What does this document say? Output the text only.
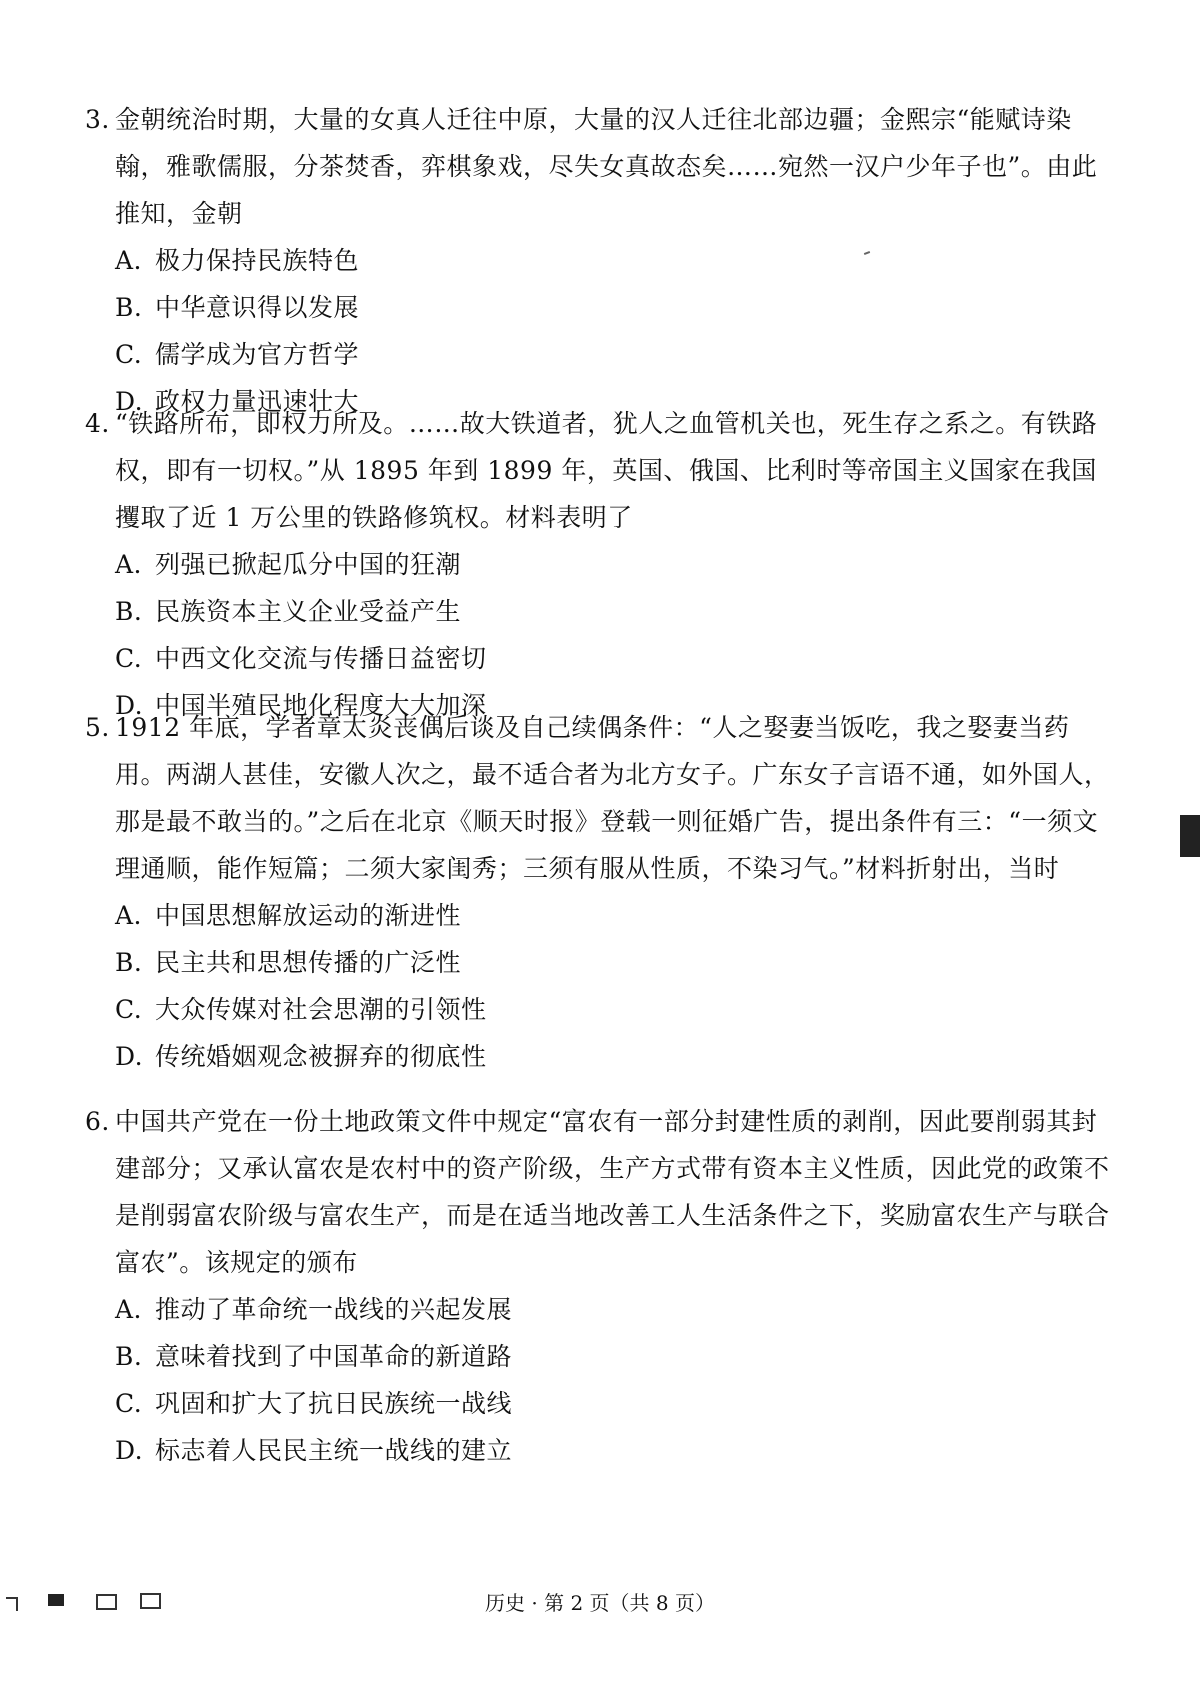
3. 金朝统治时期，大量的女真人迁往中原，大量的汉人迁往北部边疆；金熙宗“能赋诗染翰，雅歌儒服，分茶焚香，弈棋象戏，尽失女真故态矣……宛然一汉户少年子也”。由此推知，金朝
A. 极力保持民族特色
B. 中华意识得以发展
C. 儒学成为官方哲学
D. 政权力量迅速壮大
4. “铁路所布，即权力所及。……故大铁道者，犹人之血管机关也，死生存之系之。有铁路权，即有一切权。”从 1895 年到 1899 年，英国、俄国、比利时等帝国主义国家在我国攫取了近 1 万公里的铁路修筑权。材料表明了
A. 列强已掀起瓜分中国的狂潮
B. 民族资本主义企业受益产生
C. 中西文化交流与传播日益密切
D. 中国半殖民地化程度大大加深
5. 1912 年底，学者章太炎丧偶后谈及自己续偶条件：“人之娶妻当饭吃，我之娶妻当药用。两湖人甚佳，安徽人次之，最不适合者为北方女子。广东女子言语不通，如外国人，那是最不敢当的。”之后在北京《顺天时报》登载一则征婚广告，提出条件有三：“一须文理通顺，能作短篇；二须大家闺秀；三须有服从性质，不染习气。”材料折射出，当时
A. 中国思想解放运动的渐进性
B. 民主共和思想传播的广泛性
C. 大众传媒对社会思潮的引领性
D. 传统婚姻观念被摒弃的彻底性
6. 中国共产党在一份土地政策文件中规定“富农有一部分封建性质的剥削，因此要削弱其封建部分；又承认富农是农村中的资产阶级，生产方式带有资本主义性质，因此党的政策不是削弱富农阶级与富农生产，而是在适当地改善工人生活条件之下，奖励富农生产与联合富农”。该规定的颁布
A. 推动了革命统一战线的兴起发展
B. 意味着找到了中国革命的新道路
C. 巩固和扩大了抗日民族统一战线
D. 标志着人民民主统一战线的建立
历史 · 第 2 页（共 8 页）
